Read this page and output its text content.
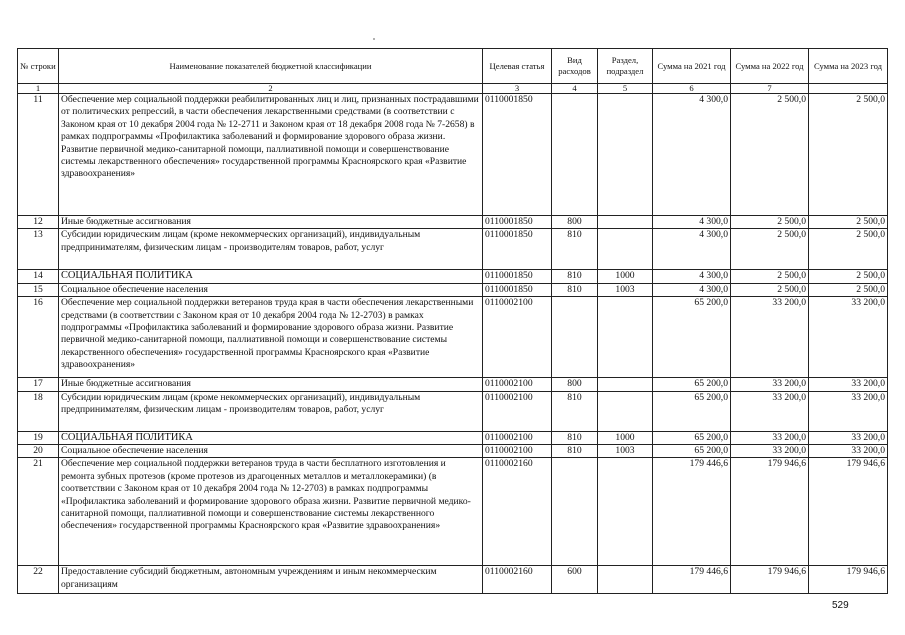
№ строки	Наименование показателей бюджетной классификации	Целевая статья	Вид расходов	Раздел, подраздел	Сумма на 2021 год	Сумма на 2022 год	Сумма на 2023 год
1	2	3	4	5	6	7	
11	Обеспечение мер социальной поддержки реабилитированных лиц и лиц, признанных пострадавшими от политических репрессий, в части обеспечения лекарственными средствами (в соответствии с Законом края от 10 декабря 2004 года № 12-2711 и Законом края от 18 декабря 2008 года № 7-2658) в рамках подпрограммы «Профилактика заболеваний и формирование здорового образа жизни. Развитие первичной медико-санитарной помощи, паллиативной помощи и совершенствование системы лекарственного обеспечения» государственной программы Красноярского края «Развитие здравоохранения»	0110001850			4 300,0	2 500,0	2 500,0
12	Иные бюджетные ассигнования	0110001850	800		4 300,0	2 500,0	2 500,0
13	Субсидии юридическим лицам (кроме некоммерческих организаций), индивидуальным предпринимателям, физическим лицам - производителям товаров, работ, услуг	0110001850	810		4 300,0	2 500,0	2 500,0
14	СОЦИАЛЬНАЯ ПОЛИТИКА	0110001850	810	1000	4 300,0	2 500,0	2 500,0
15	Социальное обеспечение населения	0110001850	810	1003	4 300,0	2 500,0	2 500,0
16	Обеспечение мер социальной поддержки ветеранов труда края в части обеспечения лекарственными средствами (в соответствии с Законом края от 10 декабря 2004 года № 12-2703) в рамках подпрограммы «Профилактика заболеваний и формирование здорового образа жизни. Развитие первичной медико-санитарной помощи, паллиативной помощи и совершенствование системы лекарственного обеспечения» государственной программы Красноярского края «Развитие здравоохранения»	0110002100			65 200,0	33 200,0	33 200,0
17	Иные бюджетные ассигнования	0110002100	800		65 200,0	33 200,0	33 200,0
18	Субсидии юридическим лицам (кроме некоммерческих организаций), индивидуальным предпринимателям, физическим лицам - производителям товаров, работ, услуг	0110002100	810		65 200,0	33 200,0	33 200,0
19	СОЦИАЛЬНАЯ ПОЛИТИКА	0110002100	810	1000	65 200,0	33 200,0	33 200,0
20	Социальное обеспечение населения	0110002100	810	1003	65 200,0	33 200,0	33 200,0
21	Обеспечение мер социальной поддержки ветеранов труда в части бесплатного изготовления и ремонта зубных протезов (кроме протезов из драгоценных металлов и металлокерамики) (в соответствии с Законом края от 10 декабря 2004 года № 12-2703) в рамках подпрограммы «Профилактика заболеваний и формирование здорового образа жизни. Развитие первичной медико-санитарной помощи, паллиативной помощи и совершенствование системы лекарственного обеспечения» государственной программы Красноярского края «Развитие здравоохранения»	0110002160			179 446,6	179 946,6	179 946,6
22	Предоставление субсидий бюджетным, автономным учреждениям и иным некоммерческим организациям	0110002160	600		179 446,6	179 946,6	179 946,6
529
